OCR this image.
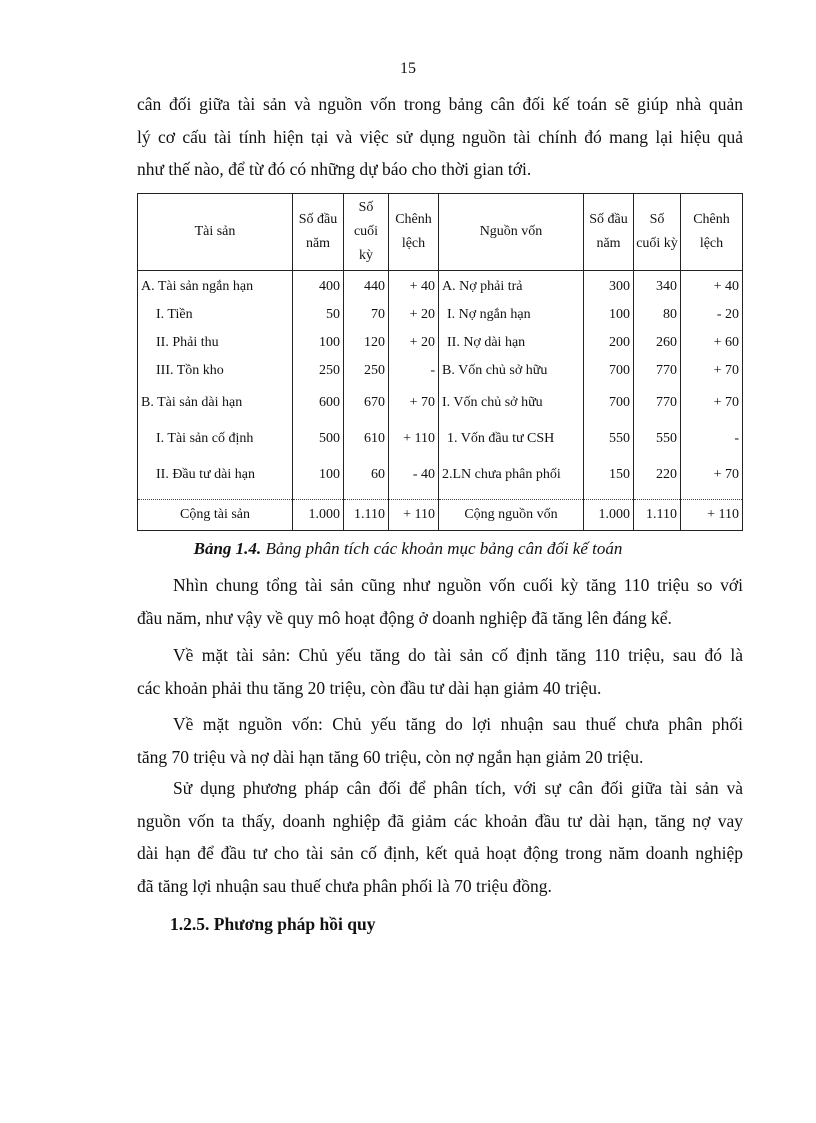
15

cân đối giữa tài sản và nguồn vốn trong bảng cân đối kế toán sẽ giúp nhà quản
lý cơ cấu tài tính hiện tại và việc sử dụng nguồn tài chính đó mang lại hiệu quả
như thế nào, để từ đó có những dự báo cho thời gian tới.

Tài sản	Số đầu năm	Số cuối kỳ	Chênh lệch	Nguồn vốn	Số đầu năm	Số cuối kỳ	Chênh lệch
A. Tài sản ngắn hạn	400	440	+ 40	A. Nợ phải trả	300	340	+ 40
I. Tiền	50	70	+ 20	I. Nợ ngắn hạn	100	80	- 20
II. Phải thu	100	120	+ 20	II. Nợ dài hạn	200	260	+ 60
III. Tồn kho	250	250	-	B. Vốn chủ sở hữu	700	770	+ 70
B. Tài sản dài hạn	600	670	+ 70	I. Vốn chủ sở hữu	700	770	+ 70
I. Tài sản cố định	500	610	+ 110	1. Vốn đầu tư CSH	550	550	-
II. Đầu tư dài hạn	100	60	- 40	2.LN chưa phân phối	150	220	+ 70
Cộng tài sản	1.000	1.110	+ 110	Cộng nguồn vốn	1.000	1.110	+ 110
Bảng 1.4. Bảng phân tích các khoản mục bảng cân đối kế toán

Nhìn chung tổng tài sản cũng như nguồn vốn cuối kỳ tăng 110 triệu so với
đầu năm, như vậy về quy mô hoạt động ở doanh nghiệp đã tăng lên đáng kể.

Về mặt tài sản: Chủ yếu tăng do tài sản cố định tăng 110 triệu, sau đó là
các khoản phải thu tăng 20 triệu, còn đầu tư dài hạn giảm 40 triệu.

Về mặt nguồn vốn: Chủ yếu tăng do lợi nhuận sau thuế chưa phân phối
tăng 70 triệu và nợ dài hạn tăng 60 triệu, còn nợ ngắn hạn giảm 20 triệu.

Sử dụng phương pháp cân đối để phân tích, với sự cân đối giữa tài sản và
nguồn vốn ta thấy, doanh nghiệp đã giảm các khoản đầu tư dài hạn, tăng nợ vay
dài hạn để đầu tư cho tài sản cố định, kết quả hoạt động trong năm doanh nghiệp
đã tăng lợi nhuận sau thuế chưa phân phối là 70 triệu đồng.

1.2.5. Phương pháp hồi quy
